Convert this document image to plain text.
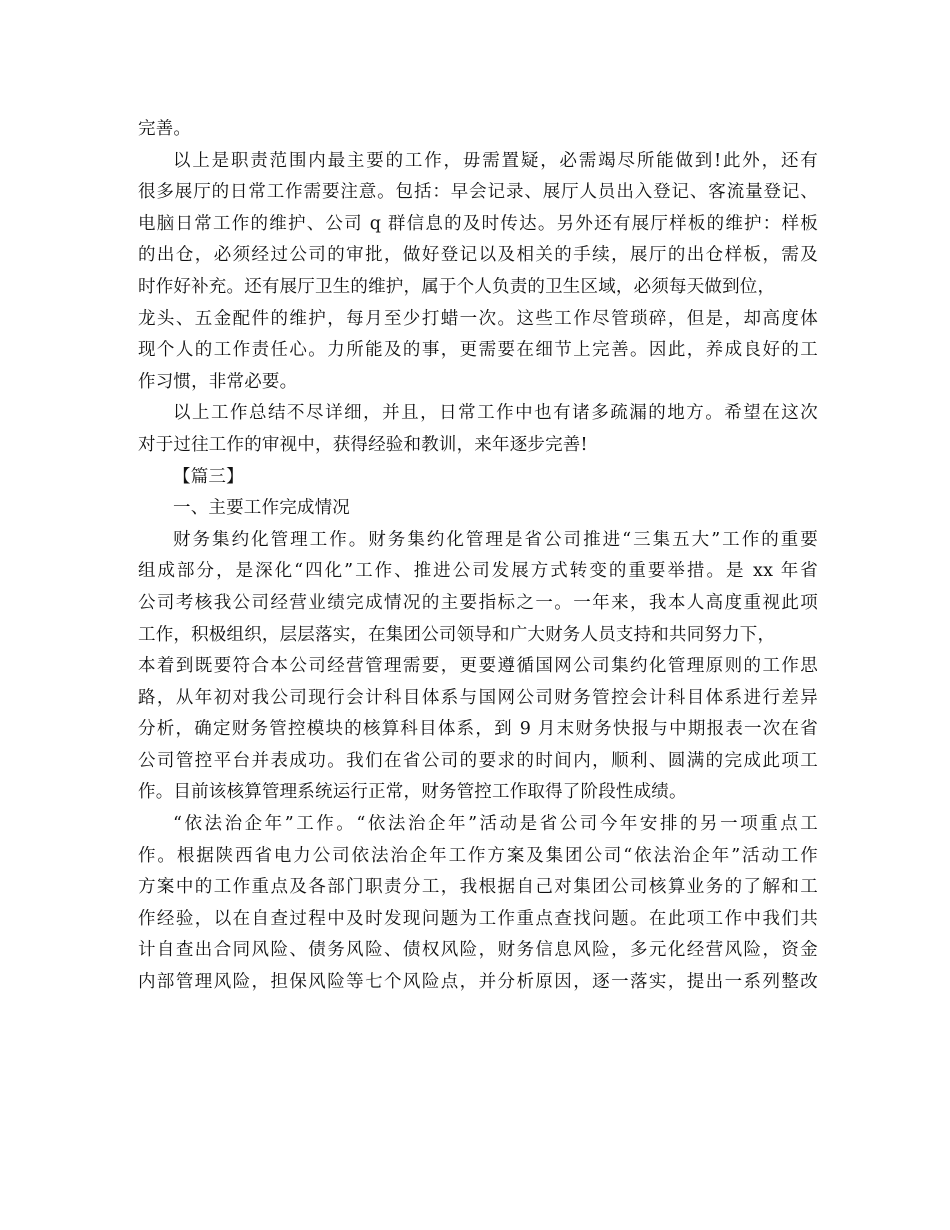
完善。
以上是职责范围内最主要的工作，毋需置疑，必需竭尽所能做到!此外，还有
很多展厅的日常工作需要注意。包括：早会记录、展厅人员出入登记、客流量登记、
电脑日常工作的维护、公司 q 群信息的及时传达。另外还有展厅样板的维护：样板
的出仓，必须经过公司的审批，做好登记以及相关的手续，展厅的出仓样板，需及
时作好补充。还有展厅卫生的维护，属于个人负责的卫生区域，必须每天做到位，
龙头、五金配件的维护，每月至少打蜡一次。这些工作尽管琐碎，但是，却高度体
现个人的工作责任心。力所能及的事，更需要在细节上完善。因此，养成良好的工
作习惯，非常必要。
以上工作总结不尽详细，并且，日常工作中也有诸多疏漏的地方。希望在这次
对于过往工作的审视中，获得经验和教训，来年逐步完善!
【篇三】
一、主要工作完成情况
财务集约化管理工作。财务集约化管理是省公司推进“三集五大”工作的重要
组成部分，是深化“四化”工作、推进公司发展方式转变的重要举措。是 xx 年省
公司考核我公司经营业绩完成情况的主要指标之一。一年来，我本人高度重视此项
工作，积极组织，层层落实，在集团公司领导和广大财务人员支持和共同努力下，
本着到既要符合本公司经营管理需要，更要遵循国网公司集约化管理原则的工作思
路，从年初对我公司现行会计科目体系与国网公司财务管控会计科目体系进行差异
分析，确定财务管控模块的核算科目体系，到 9 月末财务快报与中期报表一次在省
公司管控平台并表成功。我们在省公司的要求的时间内，顺利、圆满的完成此项工
作。目前该核算管理系统运行正常，财务管控工作取得了阶段性成绩。
“依法治企年”工作。“依法治企年”活动是省公司今年安排的另一项重点工
作。根据陕西省电力公司依法治企年工作方案及集团公司“依法治企年”活动工作
方案中的工作重点及各部门职责分工，我根据自己对集团公司核算业务的了解和工
作经验，以在自查过程中及时发现问题为工作重点查找问题。在此项工作中我们共
计自查出合同风险、债务风险、债权风险，财务信息风险，多元化经营风险，资金
内部管理风险，担保风险等七个风险点，并分析原因，逐一落实，提出一系列整改
